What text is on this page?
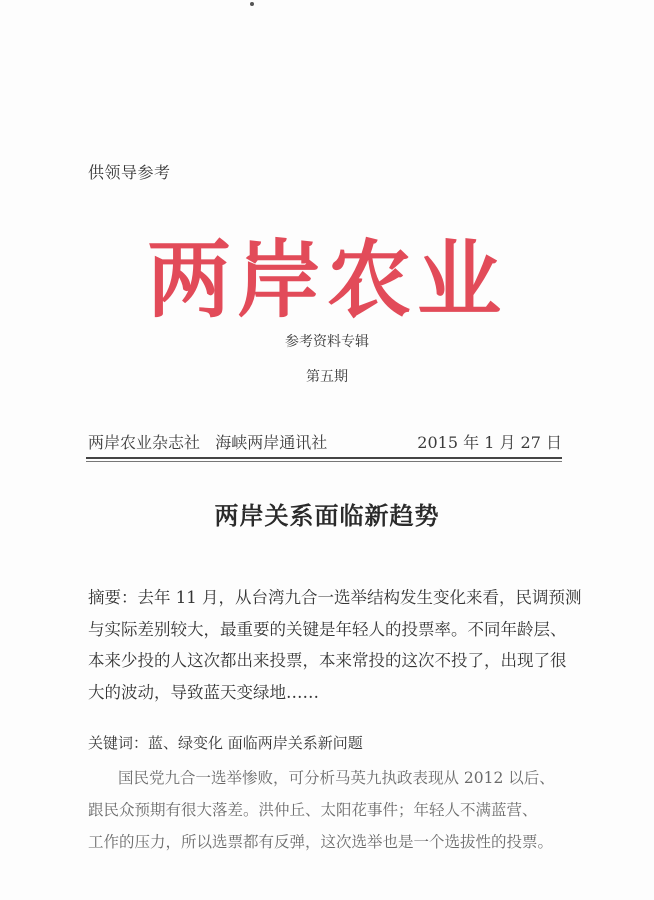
供领导参考
两岸农业
参考资料专辑
第五期
两岸农业杂志社   海峡两岸通讯社	2015 年 1 月 27 日
两岸关系面临新趋势
摘要：去年 11 月，从台湾九合一选举结构发生变化来看，民调预测
与实际差别较大，最重要的关键是年轻人的投票率。不同年龄层、
本来少投的人这次都出来投票，本来常投的这次不投了，出现了很
大的波动，导致蓝天变绿地……
关键词：蓝、绿变化 面临两岸关系新问题
国民党九合一选举惨败，可分析马英九执政表现从 2012 以后、
跟民众预期有很大落差。洪仲丘、太阳花事件；年轻人不满蓝营、
工作的压力，所以选票都有反弹，这次选举也是一个选拔性的投票。
